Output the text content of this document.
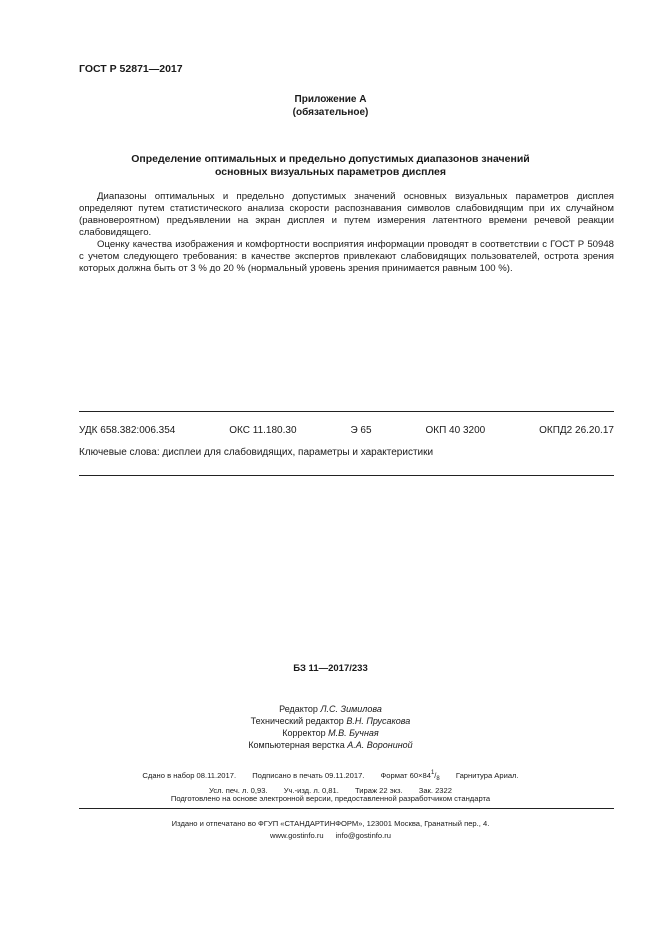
ГОСТ Р 52871—2017
Приложение А
(обязательное)
Определение оптимальных и предельно допустимых диапазонов значений
основных визуальных параметров дисплея

Диапазоны оптимальных и предельно допустимых значений основных визуальных параметров дисплея определяют путем статистического анализа скорости распознавания символов слабовидящим при их случайном (равновероятном) предъявлении на экран дисплея и путем измерения латентного времени речевой реакции слабовидящего.

Оценку качества изображения и комфортности восприятия информации проводят в соответствии с ГОСТ Р 50948 с учетом следующего требования: в качестве экспертов привлекают слабовидящих пользователей, острота зрения которых должна быть от 3 % до 20 % (нормальный уровень зрения принимается равным 100 %).

УДК 658.382:006.354	ОКС 11.180.30	Э 65	ОКП 40 3200	ОКПД2 26.20.17
Ключевые слова: дисплеи для слабовидящих, параметры и характеристики
БЗ 11—2017/233
Редактор Л.С. Зимилова
Технический редактор В.Н. Прусакова
Корректор М.В. Бучная
Компьютерная верстка А.А. Ворониной
Сдано в набор 08.11.2017. Подписано в печать 09.11.2017. Формат $60\times 84^1/_8$ Гарнитура Ариал.
Усл. печ. л. 0,93. Уч.-изд. л. 0,81. Тираж 22 экз. Зак. 2322
Подготовлено на основе электронной версии, предоставленной разработчиком стандарта
Издано и отпечатано во ФГУП «СТАНДАРТИНФОРМ», 123001 Москва, Гранатный пер., 4.
www.gostinfo.ru info@gostinfo.ru
